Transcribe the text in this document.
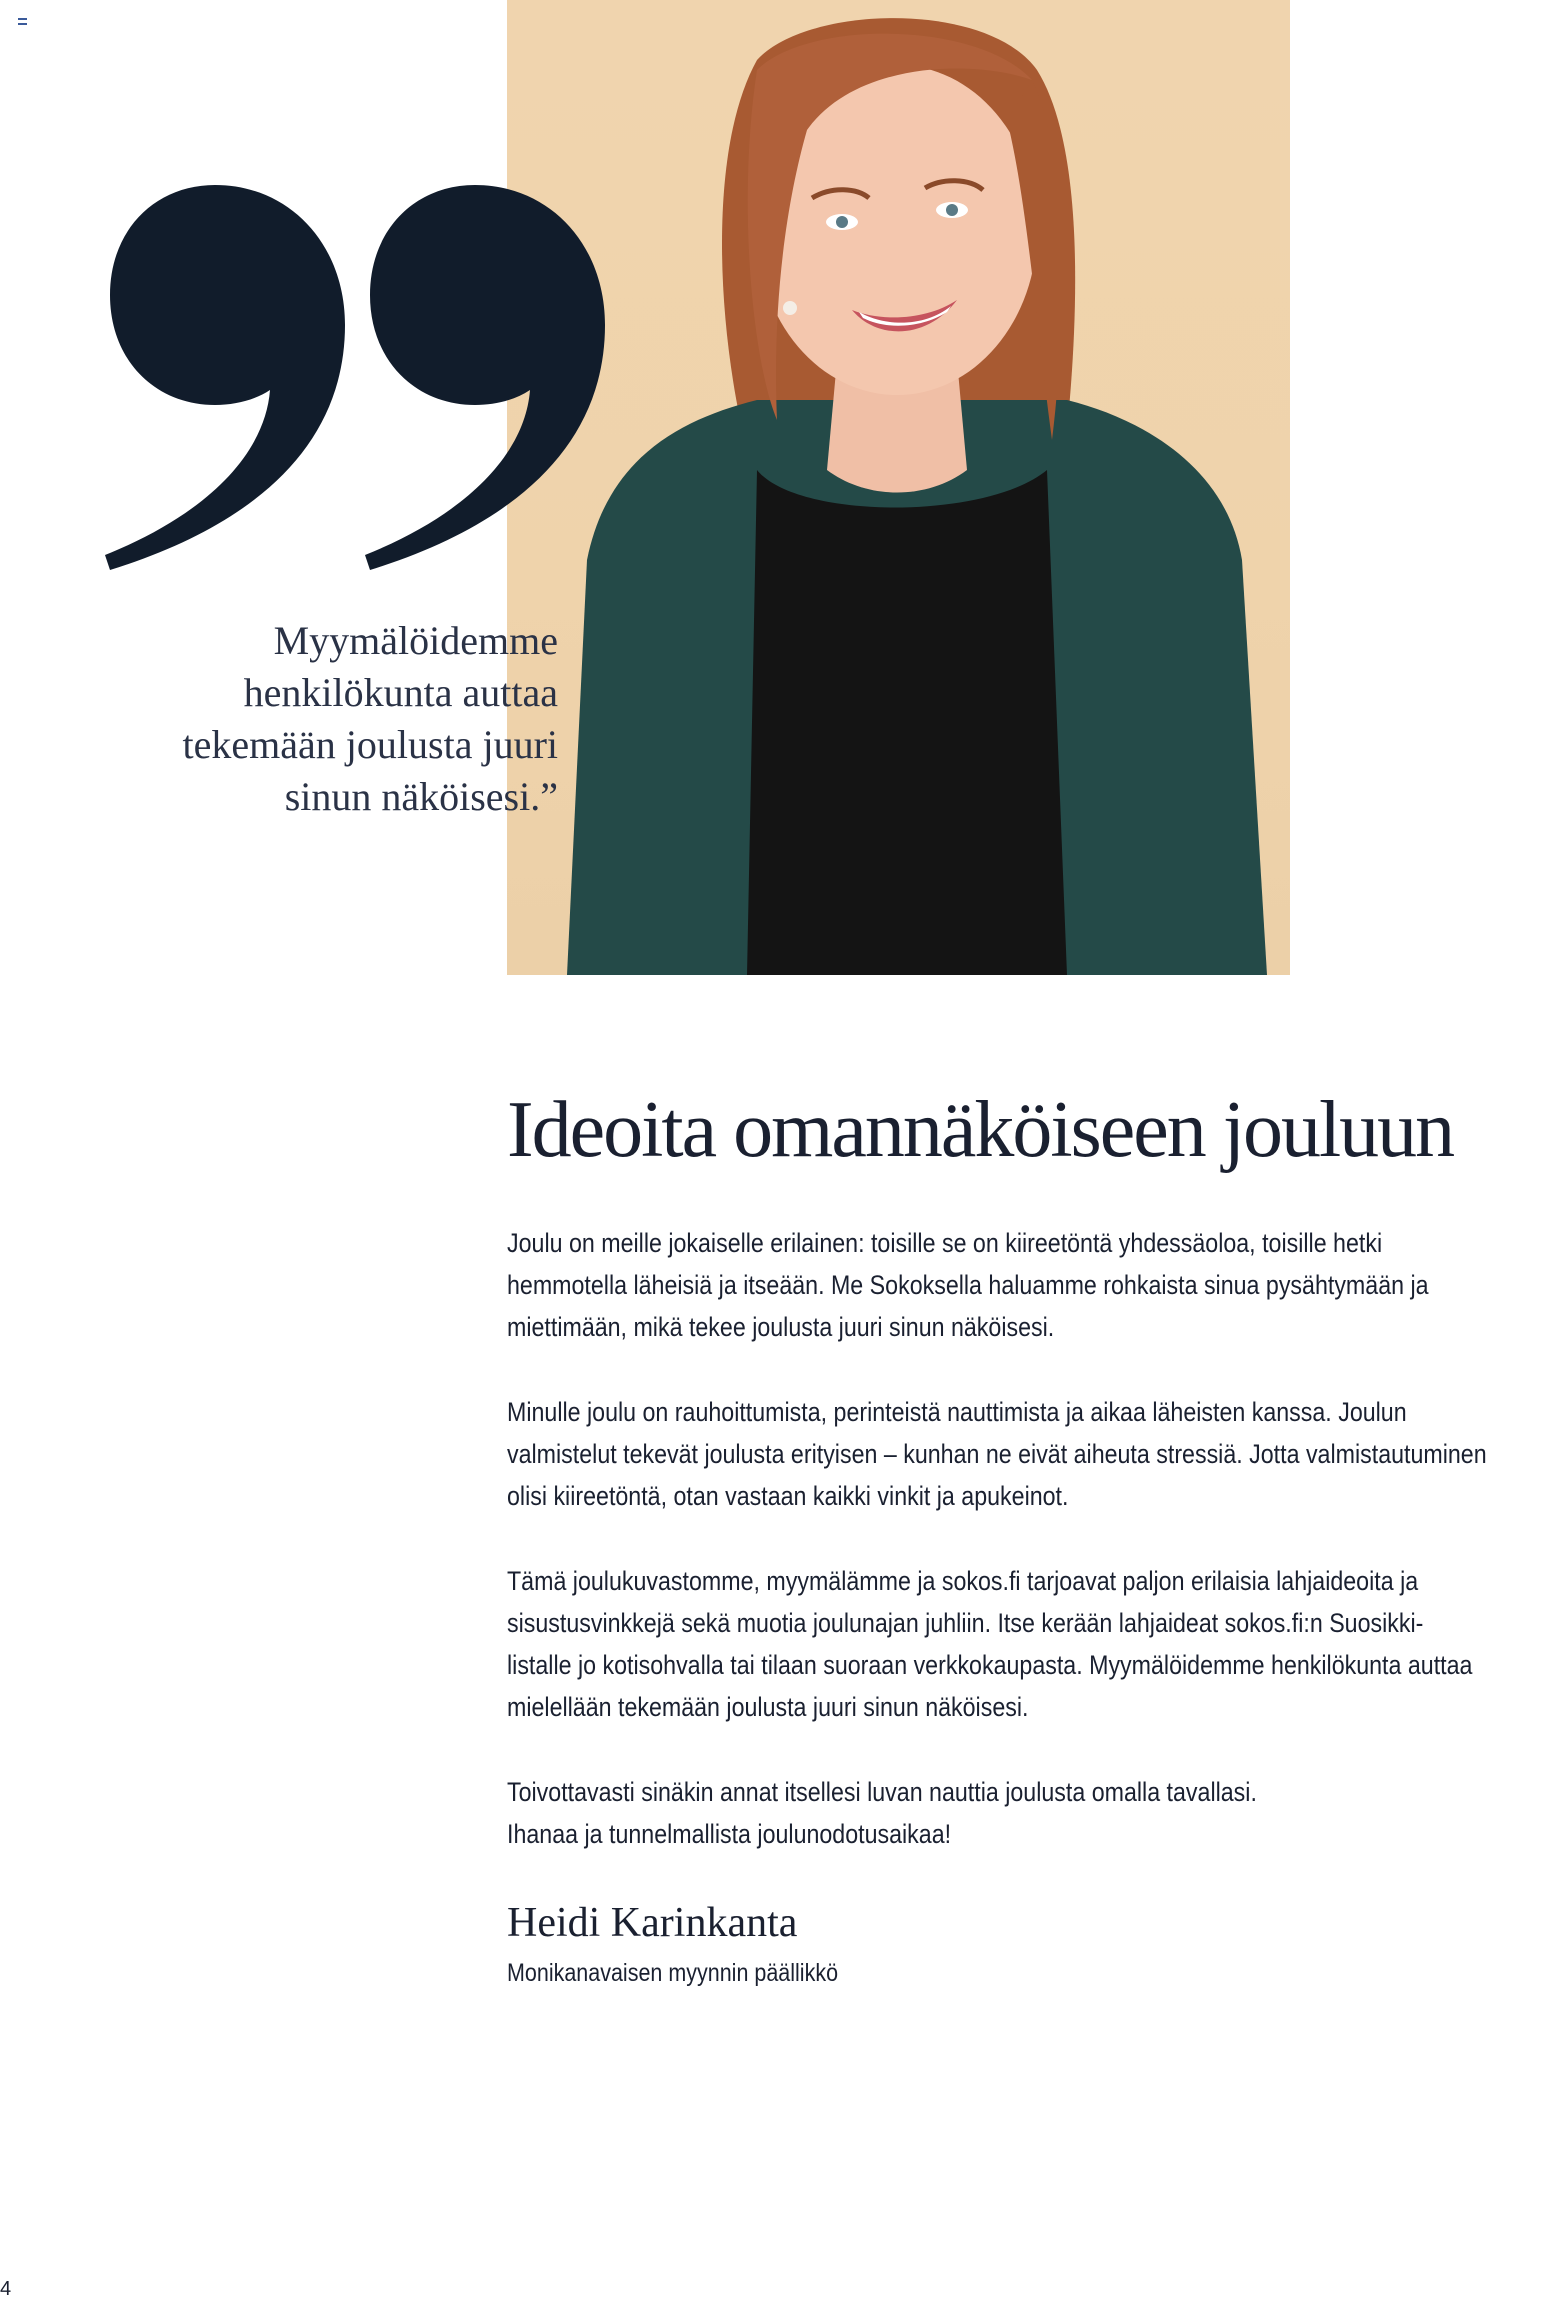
Myymälöidemme
henkilökunta auttaa
tekemään joulusta juuri
sinun näköisesi.”
Ideoita omannäköiseen jouluun

Joulu on meille jokaiselle erilainen: toisille se on kiireetöntä yhdessäoloa, toisille hetki
hemmotella läheisiä ja itseään. Me Sokoksella haluamme rohkaista sinua pysähtymään ja
miettimään, mikä tekee joulusta juuri sinun näköisesi.

Minulle joulu on rauhoittumista, perinteistä nauttimista ja aikaa läheisten kanssa. Joulun
valmistelut tekevät joulusta erityisen – kunhan ne eivät aiheuta stressiä. Jotta valmistautuminen
olisi kiireetöntä, otan vastaan kaikki vinkit ja apukeinot.

Tämä joulukuvastomme, myymälämme ja sokos.fi tarjoavat paljon erilaisia lahjaideoita ja
sisustusvinkkejä sekä muotia joulunajan juhliin. Itse kerään lahjaideat sokos.fi:n Suosikki-
listalle jo kotisohvalla tai tilaan suoraan verkkokaupasta. Myymälöidemme henkilökunta auttaa
mielellään tekemään joulusta juuri sinun näköisesi.

Toivottavasti sinäkin annat itsellesi luvan nauttia joulusta omalla tavallasi.
Ihanaa ja tunnelmallista joulunodotusaikaa!

Heidi Karinkanta
Monikanavaisen myynnin päällikkö
4
